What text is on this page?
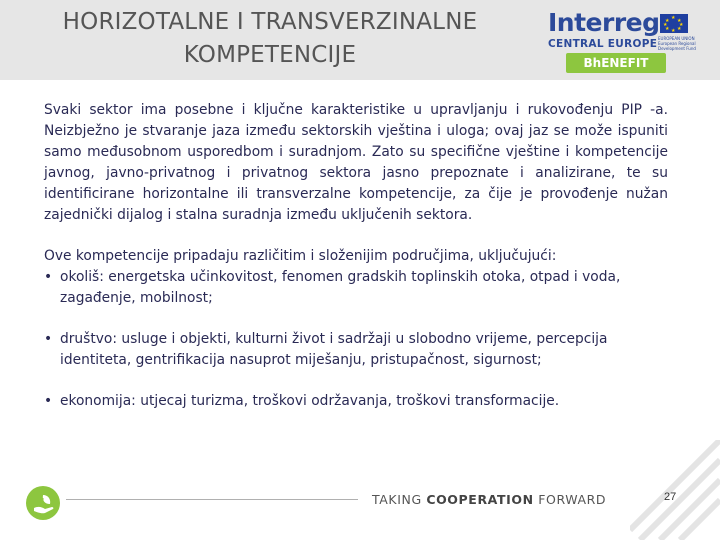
HORIZOTALNE I TRANSVERZINALNE
KOMPETENCIJE
Interreg ★
★ ★
★ ★
★ ★
★
EUROPEAN UNION European Regional Development Fund
CENTRAL EUROPE
BhENEFIT

Svaki sektor ima posebne i ključne karakteristike u upravljanju i rukovođenju PIP -a. Neizbježno je stvaranje jaza između sektorskih vještina i uloga; ovaj jaz se može ispuniti samo međusobnom usporedbom i suradnjom. Zato su specifične vještine i kompetencije javnog, javno-privatnog i privatnog sektora jasno prepoznate i analizirane, te su identificirane horizontalne ili transverzalne kompetencije, za čije je provođenje nužan zajednički dijalog i stalna suradnja između uključenih sektora.

Ove kompetencije pripadaju različitim i složenijim područjima, uključujući:
• okoliš: energetska učinkovitost, fenomen gradskih toplinskih otoka, otpad i voda, zagađenje, mobilnost;
• društvo: usluge i objekti, kulturni život i sadržaji u slobodno vrijeme, percepcija identiteta, gentrifikacija nasuprot miješanju, pristupačnost, sigurnost;
• ekonomija: utjecaj turizma, troškovi održavanja, troškovi transformacije.
TAKING COOPERATION FORWARD	27
